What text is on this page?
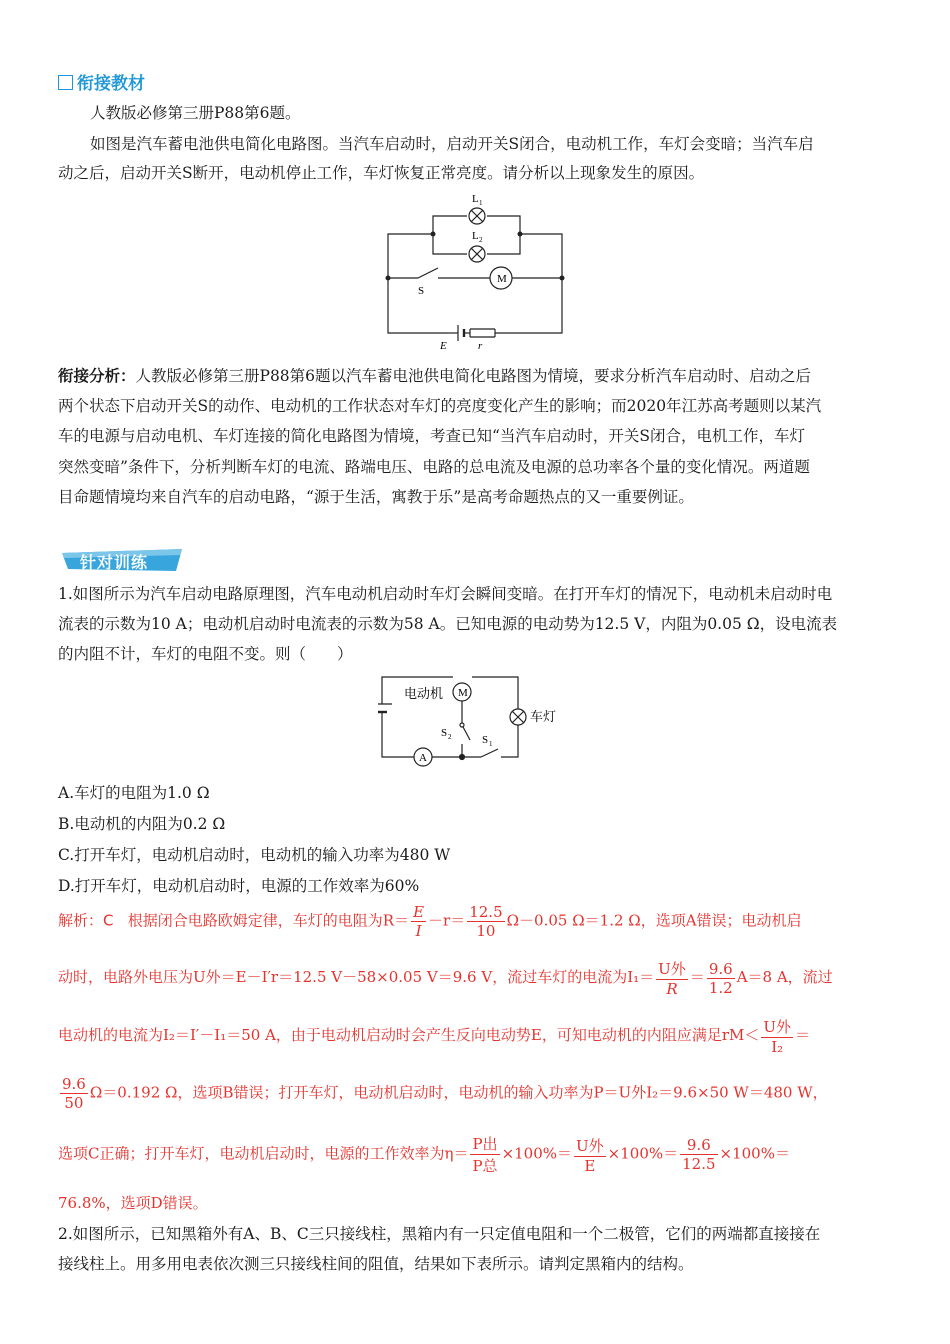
衔接教材
人教版必修第三册P88第6题。
如图是汽车蓄电池供电简化电路图。当汽车启动时，启动开关S闭合，电动机工作，车灯会变暗；当汽车启
动之后，启动开关S断开，电动机停止工作，车灯恢复正常亮度。请分析以上现象发生的原因。
L 1
L 2
M
S
E	r
衔接分析：人教版必修第三册P88第6题以汽车蓄电池供电简化电路图为情境，要求分析汽车启动时、启动之后
两个状态下启动开关S的动作、电动机的工作状态对车灯的亮度变化产生的影响；而2020年江苏高考题则以某汽
车的电源与启动电机、车灯连接的简化电路图为情境，考查已知“当汽车启动时，开关S闭合，电机工作，车灯
突然变暗”条件下，分析判断车灯的电流、路端电压、电路的总电流及电源的总功率各个量的变化情况。两道题
目命题情境均来自汽车的启动电路，“源于生活，寓教于乐”是高考命题热点的又一重要例证。
针对训练
1.如图所示为汽车启动电路原理图，汽车电动机启动时车灯会瞬间变暗。在打开车灯的情况下，电动机未启动时电
流表的示数为10 A；电动机启动时电流表的示数为58 A。已知电源的电动势为12.5 V，内阻为0.05 Ω，设电流表
的内阻不计，车灯的电阻不变。则（　　）
M
A
电动机
车灯
S 2	S 1
A.车灯的电阻为1.0 Ω
B.电动机的内阻为0.2 Ω
C.打开车灯，电动机启动时，电动机的输入功率为480 W
D.打开车灯，电动机启动时，电源的工作效率为60%
解析：C 根据闭合电路欧姆定律，车灯的电阻为$R= \frac{E}{I} -r= \frac{12.5}{10} \Omega-0.05$ Ω＝1.2 Ω，选项A错误；电动机启
动时，电路外电压为U外＝E－I′r＝12.5 V－58×0.05 V＝9.6 V，流过车灯的电流为$I_1= \frac{\text{U外}}{R} = \frac{9.6}{1.2} A=8$ A，流过
电动机的电流为I₂＝I′－I₁＝50 A，由于电动机启动时会产生反向电动势E，可知电动机的内阻应满足$rM< \frac{\text{U外}}{\text{I₂}}$ ＝
$\frac{9.6}{50} \Omega=0.192$ Ω，选项B错误；打开车灯，电动机启动时，电动机的输入功率为P＝U外I₂＝9.6×50 W＝480 W，
选项C正确；打开车灯，电动机启动时，电源的工作效率为$\eta= \frac{\text{P出}}{\text{P总}} \times 100\%= \frac{\text{U外}}{E} \times 100\%= \frac{9.6}{12.5} \times 100\%=$
76.8%，选项D错误。
2.如图所示，已知黑箱外有A、B、C三只接线柱，黑箱内有一只定值电阻和一个二极管，它们的两端都直接接在
接线柱上。用多用电表依次测三只接线柱间的阻值，结果如下表所示。请判定黑箱内的结构。
